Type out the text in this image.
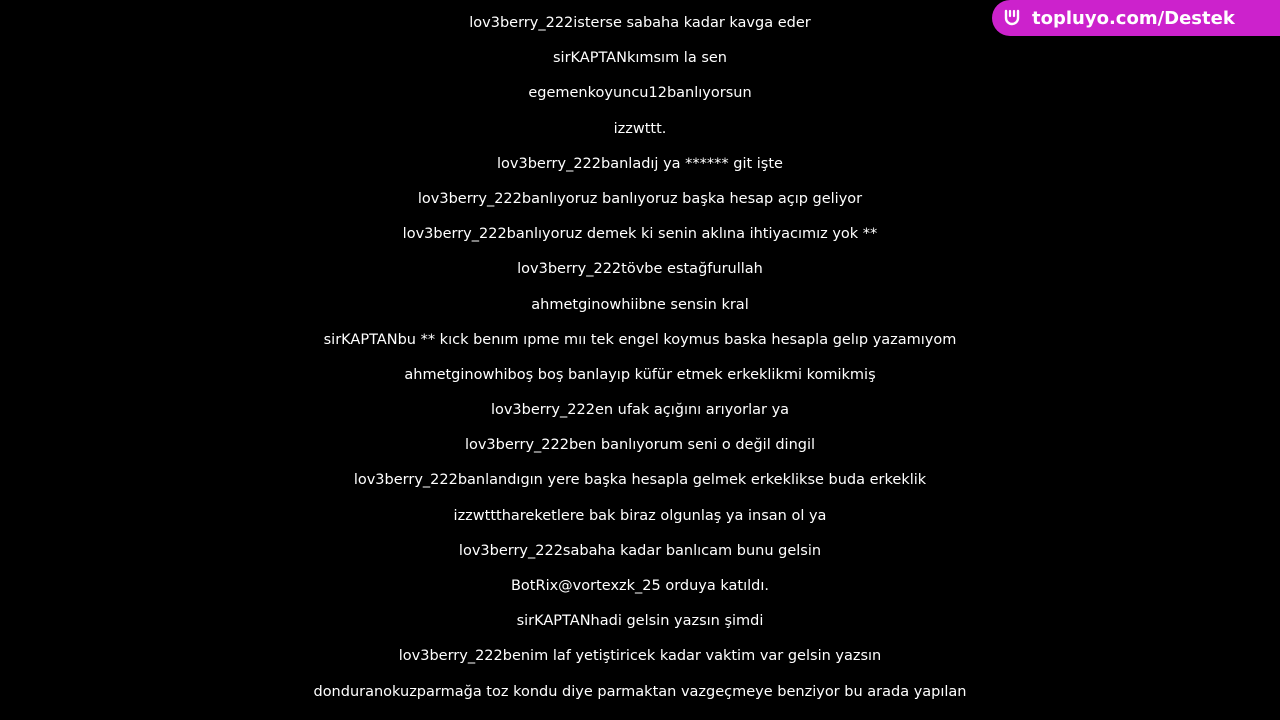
lov3berry_222isterse sabaha kadar kavga eder
sirKAPTANkımsım la sen
egemenkoyuncu12banlıyorsun
izzwttt.
lov3berry_222banladıj ya ****** git işte
lov3berry_222banlıyoruz banlıyoruz başka hesap açıp geliyor
lov3berry_222banlıyoruz demek ki senin aklına ihtiyacımız yok **
lov3berry_222tövbe estağfurullah
ahmetginowhiibne sensin kral
sirKAPTANbu ** kıck benım ıpme mıı tek engel koymus baska hesapla gelıp yazamıyom
ahmetginowhiboş boş banlayıp küfür etmek erkeklikmi komikmiş
lov3berry_222en ufak açığını arıyorlar ya
lov3berry_222ben banlıyorum seni o değil dingil
lov3berry_222banlandıgın yere başka hesapla gelmek erkeklikse buda erkeklik
izzwttthareketlere bak biraz olgunlaş ya insan ol ya
lov3berry_222sabaha kadar banlıcam bunu gelsin
BotRix@vortexzk_25 orduya katıldı.
sirKAPTANhadi gelsin yazsın şimdi
lov3berry_222benim laf yetiştiricek kadar vaktim var gelsin yazsın
donduranokuzparmağa toz kondu diye parmaktan vazgeçmeye benziyor bu arada yapılan
topluyo.com/Destek
